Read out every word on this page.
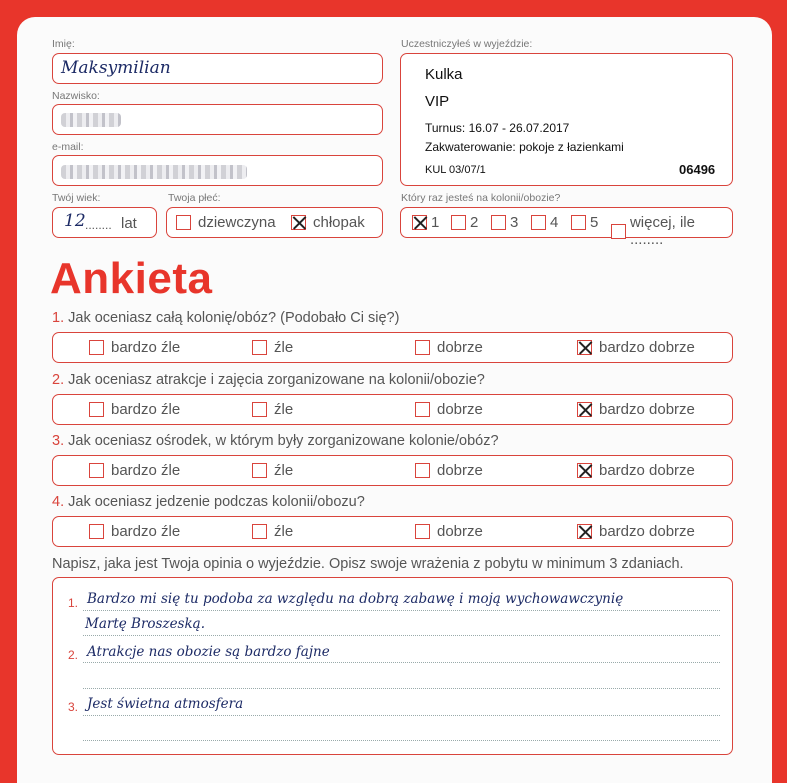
Imię:
Maksymilian
Nazwisko:
e-mail:
Twój wiek:
12 ........ lat
Twoja płeć:
dziewczyna chłopak
Uczestniczyłeś w wyjeździe:
Kulka
VIP
Turnus: 16.07 - 26.07.2017
Zakwaterowanie: pokoje z łazienkami
KUL 03/07/1	06496
Który raz jesteś na kolonii/obozie?
1 2 3 4 5 więcej, ile ........
Ankieta
1. Jak oceniasz całą kolonię/obóz? (Podobało Ci się?)
bardzo źle	źle	dobrze	bardzo dobrze
2. Jak oceniasz atrakcje i zajęcia zorganizowane na kolonii/obozie?
bardzo źle	źle	dobrze	bardzo dobrze
3. Jak oceniasz ośrodek, w którym były zorganizowane kolonie/obóz?
bardzo źle	źle	dobrze	bardzo dobrze
4. Jak oceniasz jedzenie podczas kolonii/obozu?
bardzo źle	źle	dobrze	bardzo dobrze
Napisz, jaka jest Twoja opinia o wyjeździe. Opisz swoje wrażenia z pobytu w minimum 3 zdaniach.
1.
2.
3.
Bardzo mi się tu podoba za względu na dobrą zabawę i moją wychowawczynię
Martę Broszeską.
Atrakcje nas obozie są bardzo fajne
Jest świetna atmosfera
